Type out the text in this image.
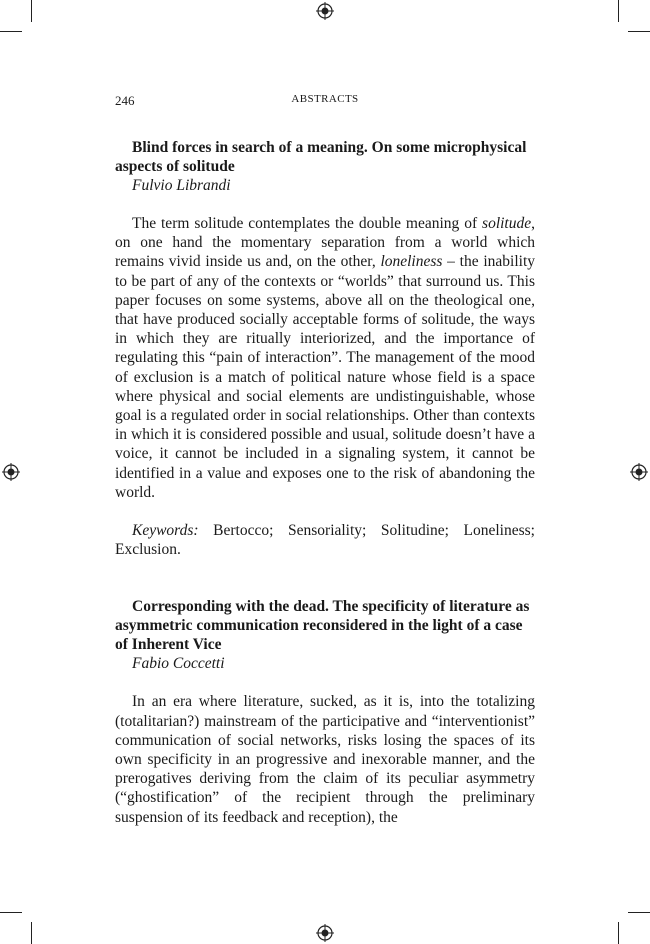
246	ABSTRACTS

Blind forces in search of a meaning. On some microphysical aspects of solitude

Fulvio Librandi

The term solitude contemplates the double meaning of solitude, on one hand the momentary separation from a world which remains vivid inside us and, on the other, loneliness – the inability to be part of any of the contexts or “worlds” that surround us. This paper focuses on some systems, above all on the theological one, that have produced socially acceptable forms of solitude, the ways in which they are ritually interiorized, and the importance of regulating this “pain of interaction”. The management of the mood of exclusion is a match of political nature whose field is a space where physical and social elements are undistinguishable, whose goal is a regulated order in social relationships. Other than contexts in which it is considered possible and usual, solitude doesn’t have a voice, it cannot be included in a signaling system, it cannot be identified in a value and exposes one to the risk of abandoning the world.

Keywords: Bertocco; Sensoriality; Solitudine; Loneliness; Exclusion.

Corresponding with the dead. The specificity of literature as asymmetric communication reconsidered in the light of a case of Inherent Vice

Fabio Coccetti

In an era where literature, sucked, as it is, into the totalizing (totalitarian?) mainstream of the participative and “interventionist” communication of social networks, risks losing the spaces of its own specificity in an progressive and inexorable manner, and the prerogatives deriving from the claim of its peculiar asymmetry (“ghostification” of the recipient through the preliminary suspension of its feedback and reception), the
